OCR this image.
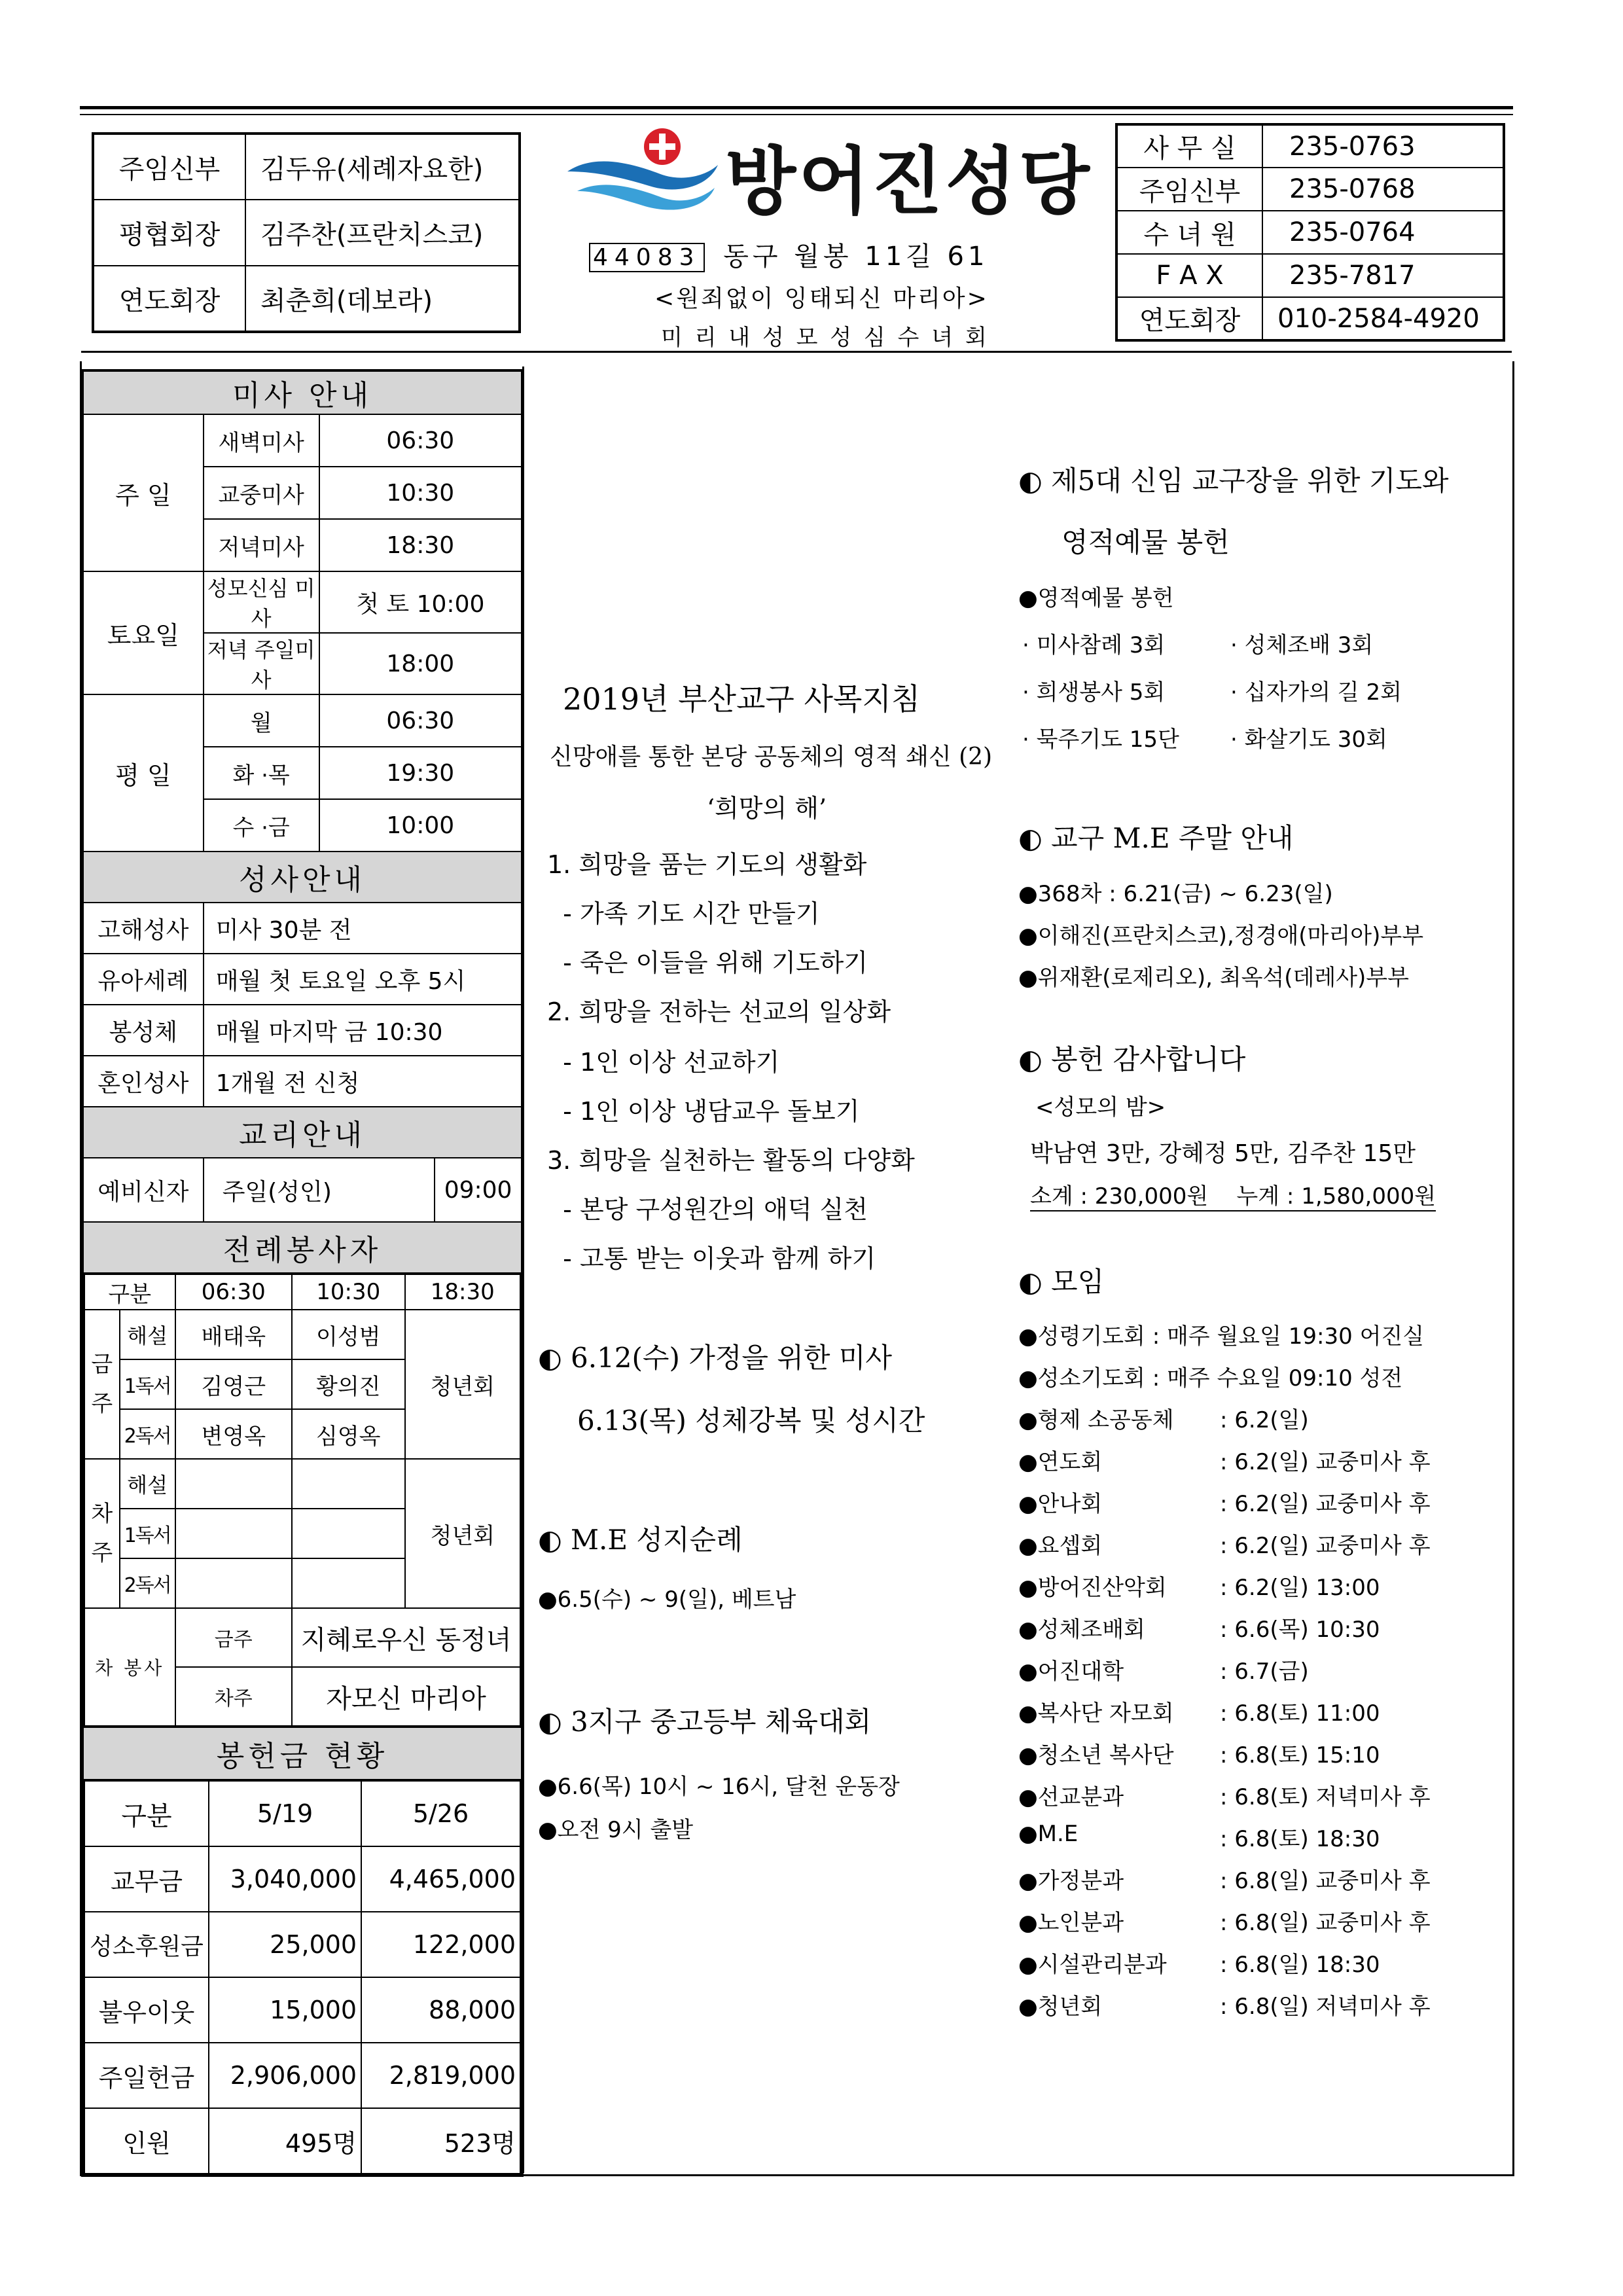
주임신부	김두유(세례자요한)
평협회장	김주찬(프란치스코)
연도회장	최춘희(데보라)
방어진성당
44083 동구 월봉 11길 61
<원죄없이 잉태되신 마리아>
미 리 내 성 모 성 심 수 녀 회
사 무 실	235-0763
주임신부	235-0768
수 녀 원	235-0764
F A X	235-7817
연도회장	010-2584-4920
미사 안내
주 일	새벽미사	06:30
교중미사	10:30
저녁미사	18:30
토요일	성모신심 미사	첫 토 10:00
저녁 주일미사	18:00
평 일	월	06:30
화 ·목	19:30
수 ·금	10:00
성사안내
고해성사	미사 30분 전
유아세례	매월 첫 토요일 오후 5시
봉성체	매월 마지막 금 10:30
혼인성사	1개월 전 신청
교리안내
예비신자	주일(성인)	09:00
전례봉사자

구분	06:30	10:30	18:30
금주	해설	배태욱	이성범	청년회
1독서	김영근	황의진
2독서	변영옥	심영옥
차주	해설			청년회
1독서		
2독서		
차 봉사	금주	지혜로우신 동정녀
차주	자모신 마리아

봉헌금 현황

구분	5/19	5/26
교무금	3,040,000	4,465,000
성소후원금	25,000	122,000
불우이웃	15,000	88,000
주일헌금	2,906,000	2,819,000
인원	495명	523명
2019년 부산교구 사목지침
신망애를 통한 본당 공동체의 영적 쇄신 (2)
‘희망의 해’
1. 희망을 품는 기도의 생활화
- 가족 기도 시간 만들기
- 죽은 이들을 위해 기도하기
2. 희망을 전하는 선교의 일상화
- 1인 이상 선교하기
- 1인 이상 냉담교우 돌보기
3. 희망을 실천하는 활동의 다양화
- 본당 구성원간의 애덕 실천
- 고통 받는 이웃과 함께 하기
◐ 6.12(수) 가정을 위한 미사
6.13(목) 성체강복 및 성시간
◐ M.E 성지순례
●6.5(수) ~ 9(일), 베트남
◐ 3지구 중고등부 체육대회
●6.6(목) 10시 ~ 16시, 달천 운동장
●오전 9시 출발
◐ 제5대 신임 교구장을 위한 기도와
영적예물 봉헌
●영적예물 봉헌
· 미사참례 3회	· 성체조배 3회
· 희생봉사 5회	· 십자가의 길 2회
· 묵주기도 15단 · 화살기도 30회
◐ 교구 M.E 주말 안내
●368차 : 6.21(금) ~ 6.23(일)
●이해진(프란치스코),정경애(마리아)부부
●위재환(로제리오), 최옥석(데레사)부부
◐ 봉헌 감사합니다
<성모의 밤>
박남연 3만, 강혜정 5만, 김주찬 15만
소계 : 230,000원    누계 : 1,580,000원
◐ 모임
●성령기도회 : 매주 월요일 19:30 어진실
●성소기도회 : 매주 수요일 09:10 성전
●형제 소공동체 : 6.2(일)
●연도회	: 6.2(일) 교중미사 후
●안나회	: 6.2(일) 교중미사 후
●요셉회	: 6.2(일) 교중미사 후
●방어진산악회 : 6.2(일) 13:00
●성체조배회	: 6.6(목) 10:30
●어진대학	: 6.7(금)
●복사단 자모회 : 6.8(토) 11:00
●청소년 복사단 : 6.8(토) 15:10
●선교분과	: 6.8(토) 저녁미사 후
●M.E	: 6.8(토) 18:30
●가정분과	: 6.8(일) 교중미사 후
●노인분과	: 6.8(일) 교중미사 후
●시설관리분과 : 6.8(일) 18:30
●청년회	: 6.8(일) 저녁미사 후
